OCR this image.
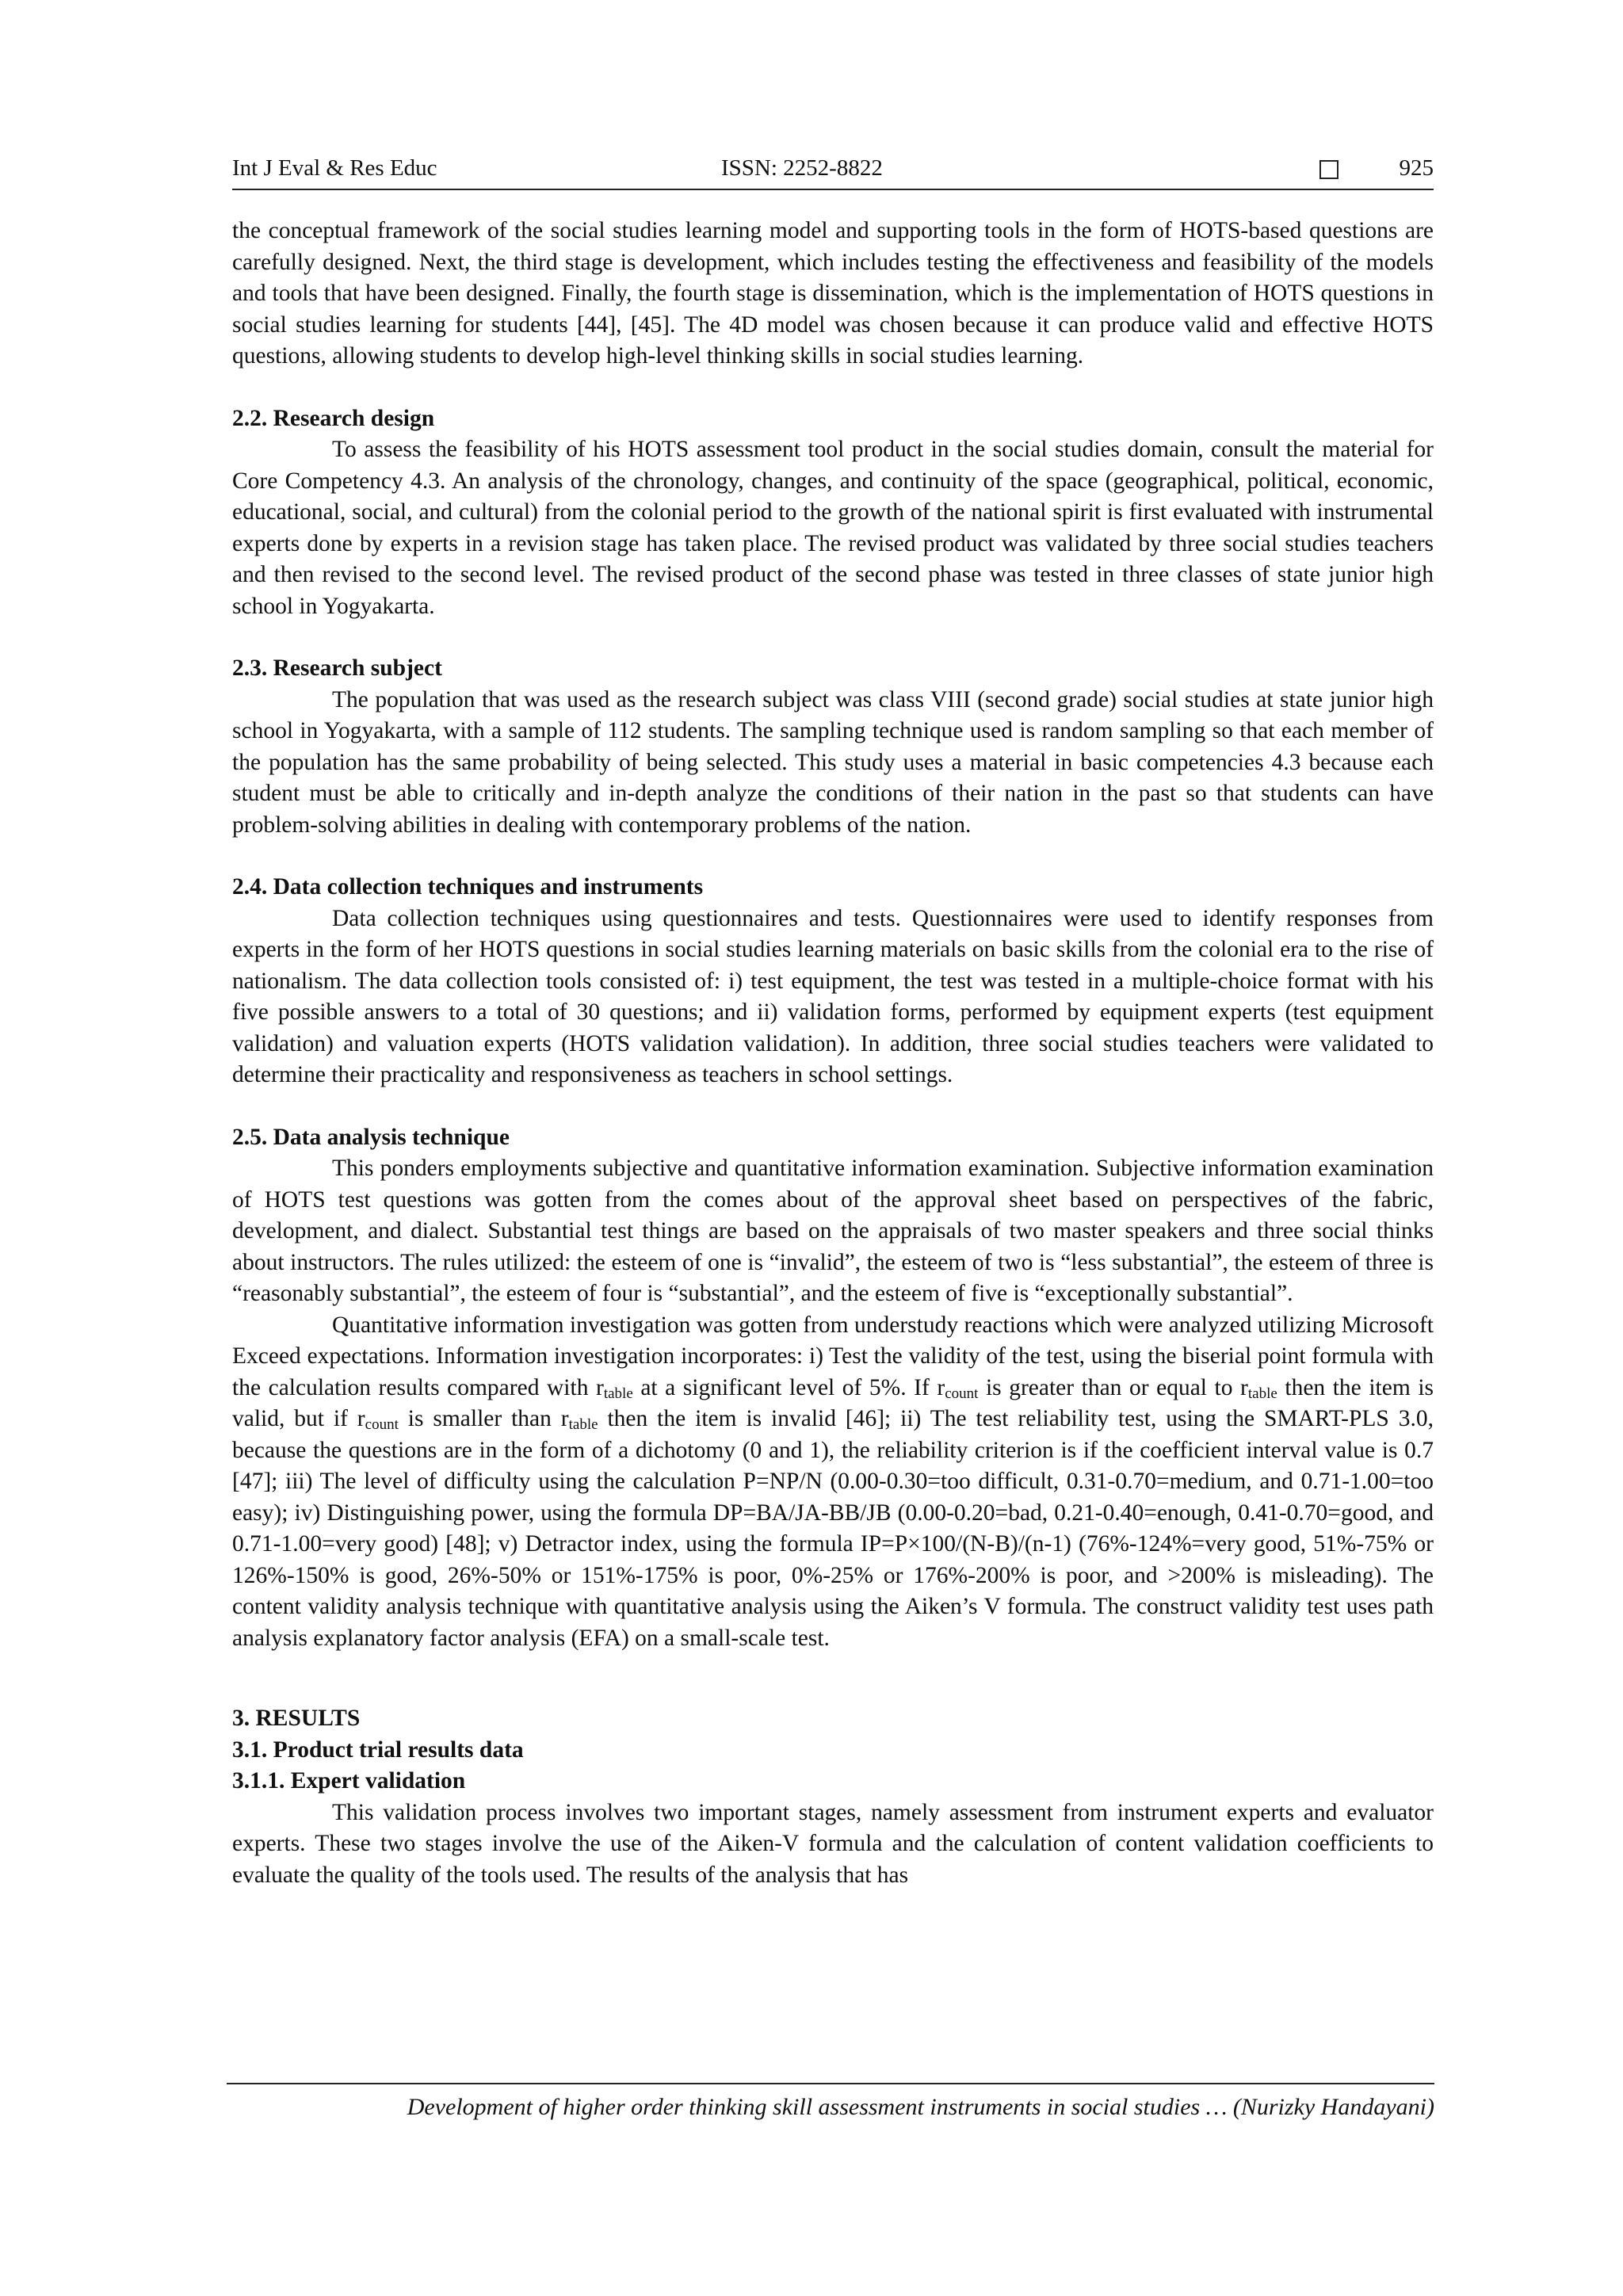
Int J Eval & Res Educ	ISSN: 2252-8822	925

the conceptual framework of the social studies learning model and supporting tools in the form of HOTS-based questions are carefully designed. Next, the third stage is development, which includes testing the effectiveness and feasibility of the models and tools that have been designed. Finally, the fourth stage is dissemination, which is the implementation of HOTS questions in social studies learning for students [44], [45]. The 4D model was chosen because it can produce valid and effective HOTS questions, allowing students to develop high-level thinking skills in social studies learning.

2.2. Research design

To assess the feasibility of his HOTS assessment tool product in the social studies domain, consult the material for Core Competency 4.3. An analysis of the chronology, changes, and continuity of the space (geographical, political, economic, educational, social, and cultural) from the colonial period to the growth of the national spirit is first evaluated with instrumental experts done by experts in a revision stage has taken place. The revised product was validated by three social studies teachers and then revised to the second level. The revised product of the second phase was tested in three classes of state junior high school in Yogyakarta.

2.3. Research subject

The population that was used as the research subject was class VIII (second grade) social studies at state junior high school in Yogyakarta, with a sample of 112 students. The sampling technique used is random sampling so that each member of the population has the same probability of being selected. This study uses a material in basic competencies 4.3 because each student must be able to critically and in-depth analyze the conditions of their nation in the past so that students can have problem-solving abilities in dealing with contemporary problems of the nation.

2.4. Data collection techniques and instruments

Data collection techniques using questionnaires and tests. Questionnaires were used to identify responses from experts in the form of her HOTS questions in social studies learning materials on basic skills from the colonial era to the rise of nationalism. The data collection tools consisted of: i) test equipment, the test was tested in a multiple-choice format with his five possible answers to a total of 30 questions; and ii) validation forms, performed by equipment experts (test equipment validation) and valuation experts (HOTS validation validation). In addition, three social studies teachers were validated to determine their practicality and responsiveness as teachers in school settings.

2.5. Data analysis technique

This ponders employments subjective and quantitative information examination. Subjective information examination of HOTS test questions was gotten from the comes about of the approval sheet based on perspectives of the fabric, development, and dialect. Substantial test things are based on the appraisals of two master speakers and three social thinks about instructors. The rules utilized: the esteem of one is “invalid”, the esteem of two is “less substantial”, the esteem of three is “reasonably substantial”, the esteem of four is “substantial”, and the esteem of five is “exceptionally substantial”.

Quantitative information investigation was gotten from understudy reactions which were analyzed utilizing Microsoft Exceed expectations. Information investigation incorporates: i) Test the validity of the test, using the biserial point formula with the calculation results compared with $r_{table}$ at a significant level of 5%. If $r_{count}$ is greater than or equal to $r_{table}$ then the item is valid, but if $r_{count}$ is smaller than $r_{table}$ then the item is invalid [46]; ii) The test reliability test, using the SMART-PLS 3.0, because the questions are in the form of a dichotomy (0 and 1), the reliability criterion is if the coefficient interval value is 0.7 [47]; iii) The level of difficulty using the calculation P=NP/N (0.00-0.30=too difficult, 0.31-0.70=medium, and 0.71-1.00=too easy); iv) Distinguishing power, using the formula DP=BA/JA-BB/JB (0.00-0.20=bad, 0.21-0.40=enough, 0.41-0.70=good, and 0.71-1.00=very good) [48]; v) Detractor index, using the formula IP=P×100/(N-B)/(n-1) (76%-124%=very good, 51%-75% or 126%-150% is good, 26%-50% or 151%-175% is poor, 0%-25% or 176%-200% is poor, and >200% is misleading). The content validity analysis technique with quantitative analysis using the Aiken’s V formula. The construct validity test uses path analysis explanatory factor analysis (EFA) on a small-scale test.

3. RESULTS
3.1. Product trial results data
3.1.1. Expert validation

This validation process involves two important stages, namely assessment from instrument experts and evaluator experts. These two stages involve the use of the Aiken-V formula and the calculation of content validation coefficients to evaluate the quality of the tools used. The results of the analysis that has

Development of higher order thinking skill assessment instruments in social studies … (Nurizky Handayani)
